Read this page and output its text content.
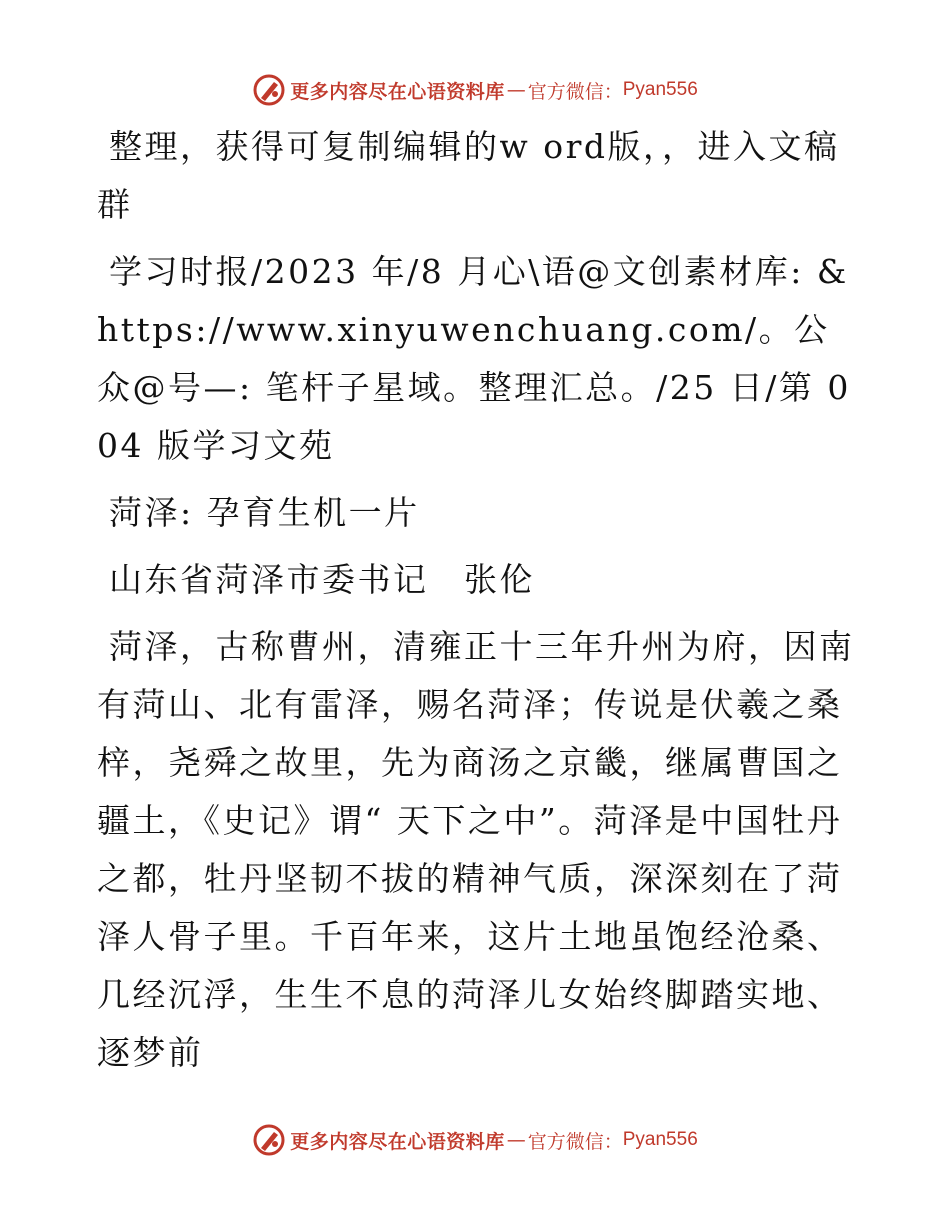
更多内容尽在心语资料库 — 官方微信： Pyan556

整理，获得可复制编辑的w ord版，，进入文稿群

学习时报/2023 年/8 月心\语@文创素材库: &https://www.xinyuwenchuang.com/。公众@号—: 笔杆子星域。整理汇总。/25 日/第 004 版学习文苑

菏泽: 孕育生机一片

山东省菏泽市委书记　张伦

菏泽，古称曹州，清雍正十三年升州为府，因南有菏山、北有雷泽，赐名菏泽；传说是伏羲之桑梓，尧舜之故里，先为商汤之京畿，继属曹国之疆土，《史记》谓“ 天下之中”。菏泽是中国牡丹之都，牡丹坚韧不拔的精神气质，深深刻在了菏泽人骨子里。千百年来，这片土地虽饱经沧桑、几经沉浮，生生不息的菏泽儿女始终脚踏实地、逐梦前

更多内容尽在心语资料库 — 官方微信： Pyan556
